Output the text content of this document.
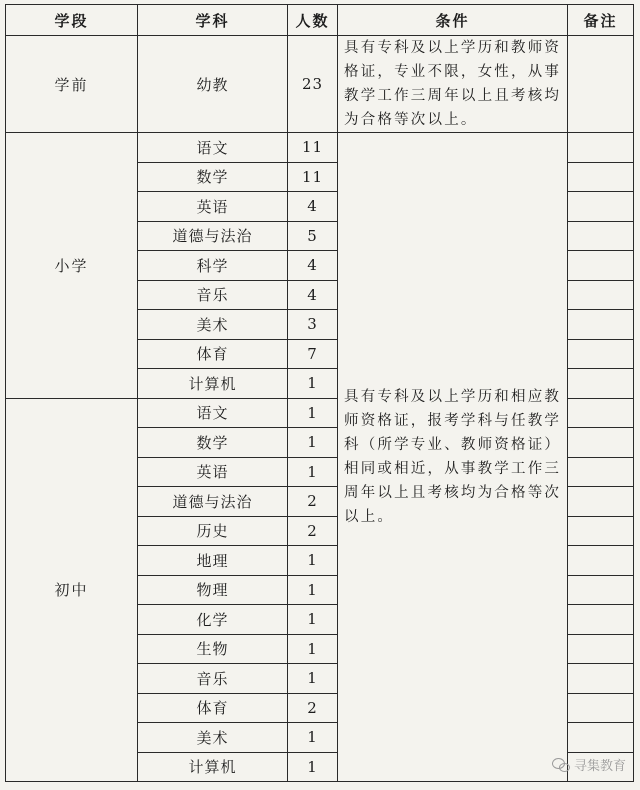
学段	学科	人数	条件	备注
学前	幼教	23	具有专科及以上学历和教师资格证，专业不限，女性，从事教学工作三周年以上且考核均为合格等次以上。	

小学	语文	11	具有专科及以上学历和相应教师资格证，报考学科与任教学科（所学专业、教师资格证）相同或相近，从事教学工作三周年以上且考核均为合格等次以上。	

	数学	11		
	英语	4		
	道德与法治	5		
	科学	4		
	音乐	4		
	美术	3		
	体育	7		
	计算机	1		
初中	语文	1		
	数学	1		
	英语	1		
	道德与法治	2		
	历史	2		
	地理	1		
	物理	1		
	化学	1		
	生物	1		
	音乐	1		
	体育	2		
	美术	1		
	计算机	1			寻集教育
